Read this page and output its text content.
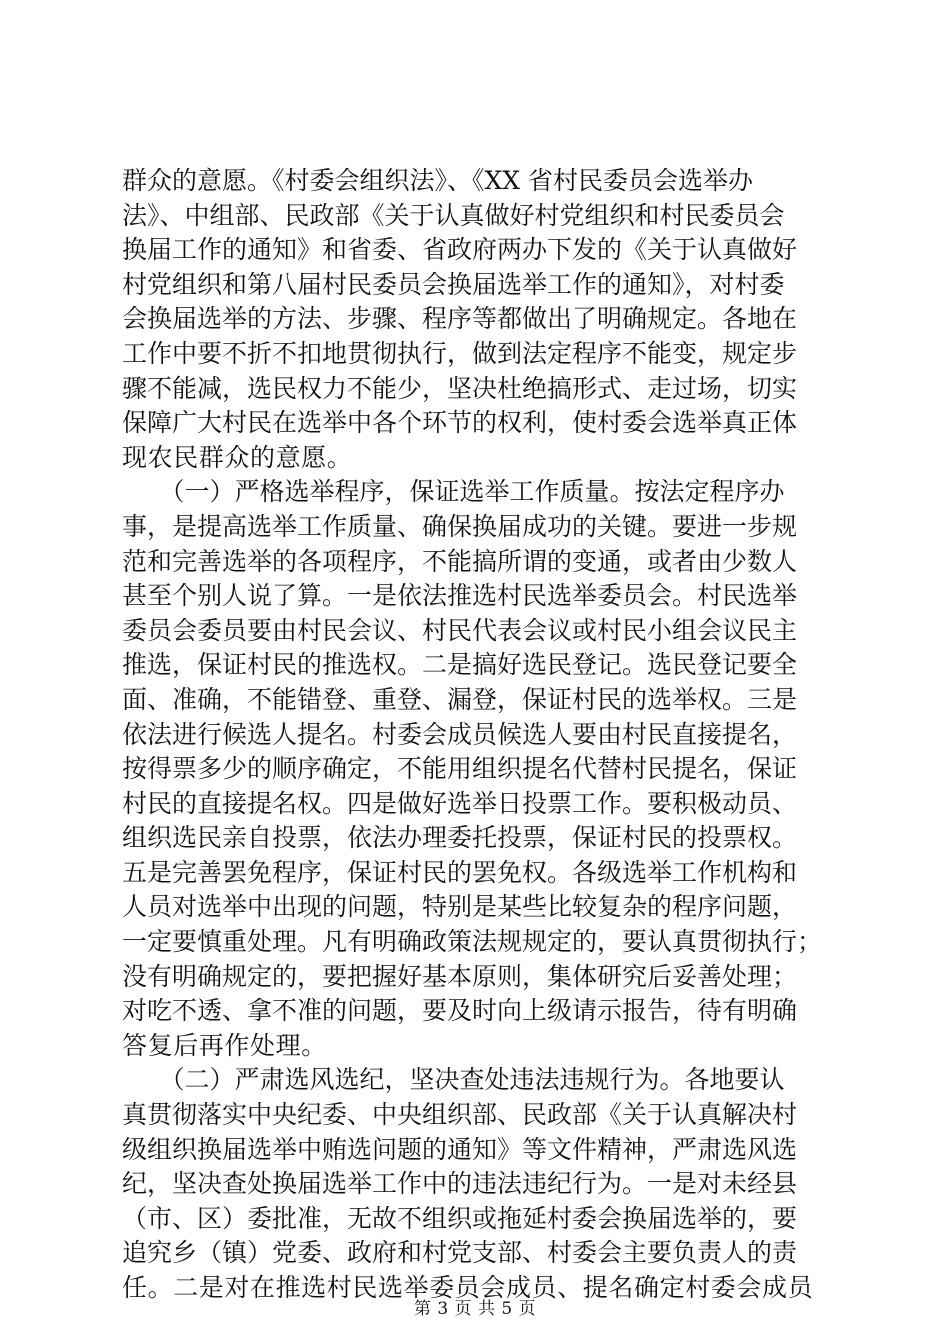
群众的意愿。《村委会组织法》、《XX 省村民委员会选举办
法》、中组部、民政部《关于认真做好村党组织和村民委员会
换届工作的通知》和省委、省政府两办下发的《关于认真做好
村党组织和第八届村民委员会换届选举工作的通知》，对村委
会换届选举的方法、步骤、程序等都做出了明确规定。各地在
工作中要不折不扣地贯彻执行，做到法定程序不能变，规定步
骤不能减，选民权力不能少，坚决杜绝搞形式、走过场，切实
保障广大村民在选举中各个环节的权利，使村委会选举真正体
现农民群众的意愿。
　　（一）严格选举程序，保证选举工作质量。按法定程序办
事，是提高选举工作质量、确保换届成功的关键。要进一步规
范和完善选举的各项程序，不能搞所谓的变通，或者由少数人
甚至个别人说了算。一是依法推选村民选举委员会。村民选举
委员会委员要由村民会议、村民代表会议或村民小组会议民主
推选，保证村民的推选权。二是搞好选民登记。选民登记要全
面、准确，不能错登、重登、漏登，保证村民的选举权。三是
依法进行候选人提名。村委会成员候选人要由村民直接提名，
按得票多少的顺序确定，不能用组织提名代替村民提名，保证
村民的直接提名权。四是做好选举日投票工作。要积极动员、
组织选民亲自投票，依法办理委托投票，保证村民的投票权。
五是完善罢免程序，保证村民的罢免权。各级选举工作机构和
人员对选举中出现的问题，特别是某些比较复杂的程序问题，
一定要慎重处理。凡有明确政策法规规定的，要认真贯彻执行；
没有明确规定的，要把握好基本原则，集体研究后妥善处理；
对吃不透、拿不准的问题，要及时向上级请示报告，待有明确
答复后再作处理。
　　（二）严肃选风选纪，坚决查处违法违规行为。各地要认
真贯彻落实中央纪委、中央组织部、民政部《关于认真解决村
级组织换届选举中贿选问题的通知》等文件精神，严肃选风选
纪，坚决查处换届选举工作中的违法违纪行为。一是对未经县
（市、区）委批准，无故不组织或拖延村委会换届选举的，要
追究乡（镇）党委、政府和村党支部、村委会主要负责人的责
任。二是对在推选村民选举委员会成员、提名确定村委会成员
第 3 页 共 5 页
